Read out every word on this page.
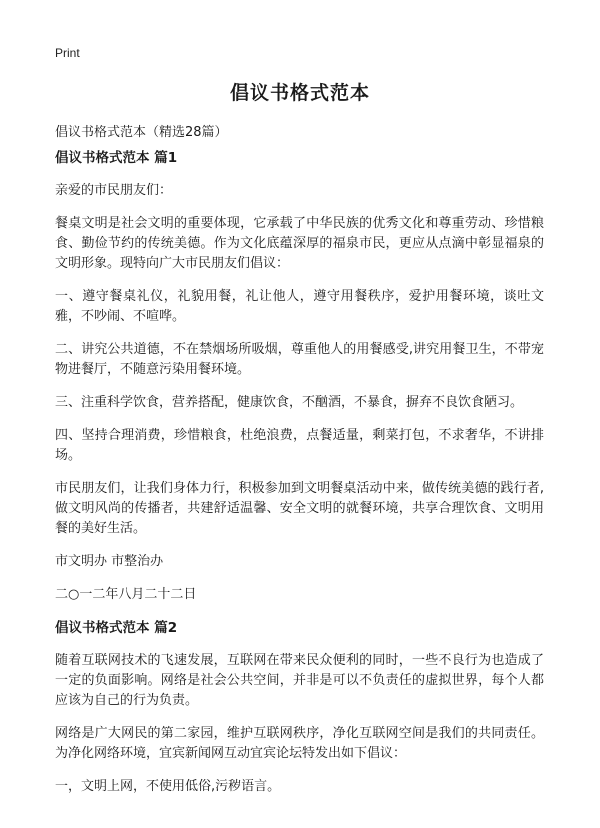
Print
倡议书格式范本

倡议书格式范本（精选28篇）

倡议书格式范本 篇1

亲爱的市民朋友们：

餐桌文明是社会文明的重要体现，它承载了中华民族的优秀文化和尊重劳动、珍惜粮食、勤俭节约的传统美德。作为文化底蕴深厚的福泉市民，更应从点滴中彰显福泉的文明形象。现特向广大市民朋友们倡议：

一、遵守餐桌礼仪，礼貌用餐，礼让他人，遵守用餐秩序，爱护用餐环境，谈吐文雅，不吵闹、不喧哗。

二、讲究公共道德，不在禁烟场所吸烟，尊重他人的用餐感受,讲究用餐卫生，不带宠物进餐厅，不随意污染用餐环境。

三、注重科学饮食，营养搭配，健康饮食，不酗酒，不暴食，摒弃不良饮食陋习。

四、坚持合理消费，珍惜粮食，杜绝浪费，点餐适量，剩菜打包，不求奢华，不讲排场。

市民朋友们，让我们身体力行，积极参加到文明餐桌活动中来，做传统美德的践行者,做文明风尚的传播者，共建舒适温馨、安全文明的就餐环境，共享合理饮食、文明用餐的美好生活。

市文明办 市整治办

二○一二年八月二十二日

倡议书格式范本 篇2

随着互联网技术的飞速发展，互联网在带来民众便利的同时，一些不良行为也造成了一定的负面影响。网络是社会公共空间，并非是可以不负责任的虚拟世界，每个人都应该为自己的行为负责。

网络是广大网民的第二家园，维护互联网秩序，净化互联网空间是我们的共同责任。为净化网络环境，宜宾新闻网互动宜宾论坛特发出如下倡议：

一，文明上网，不使用低俗,污秽语言。
